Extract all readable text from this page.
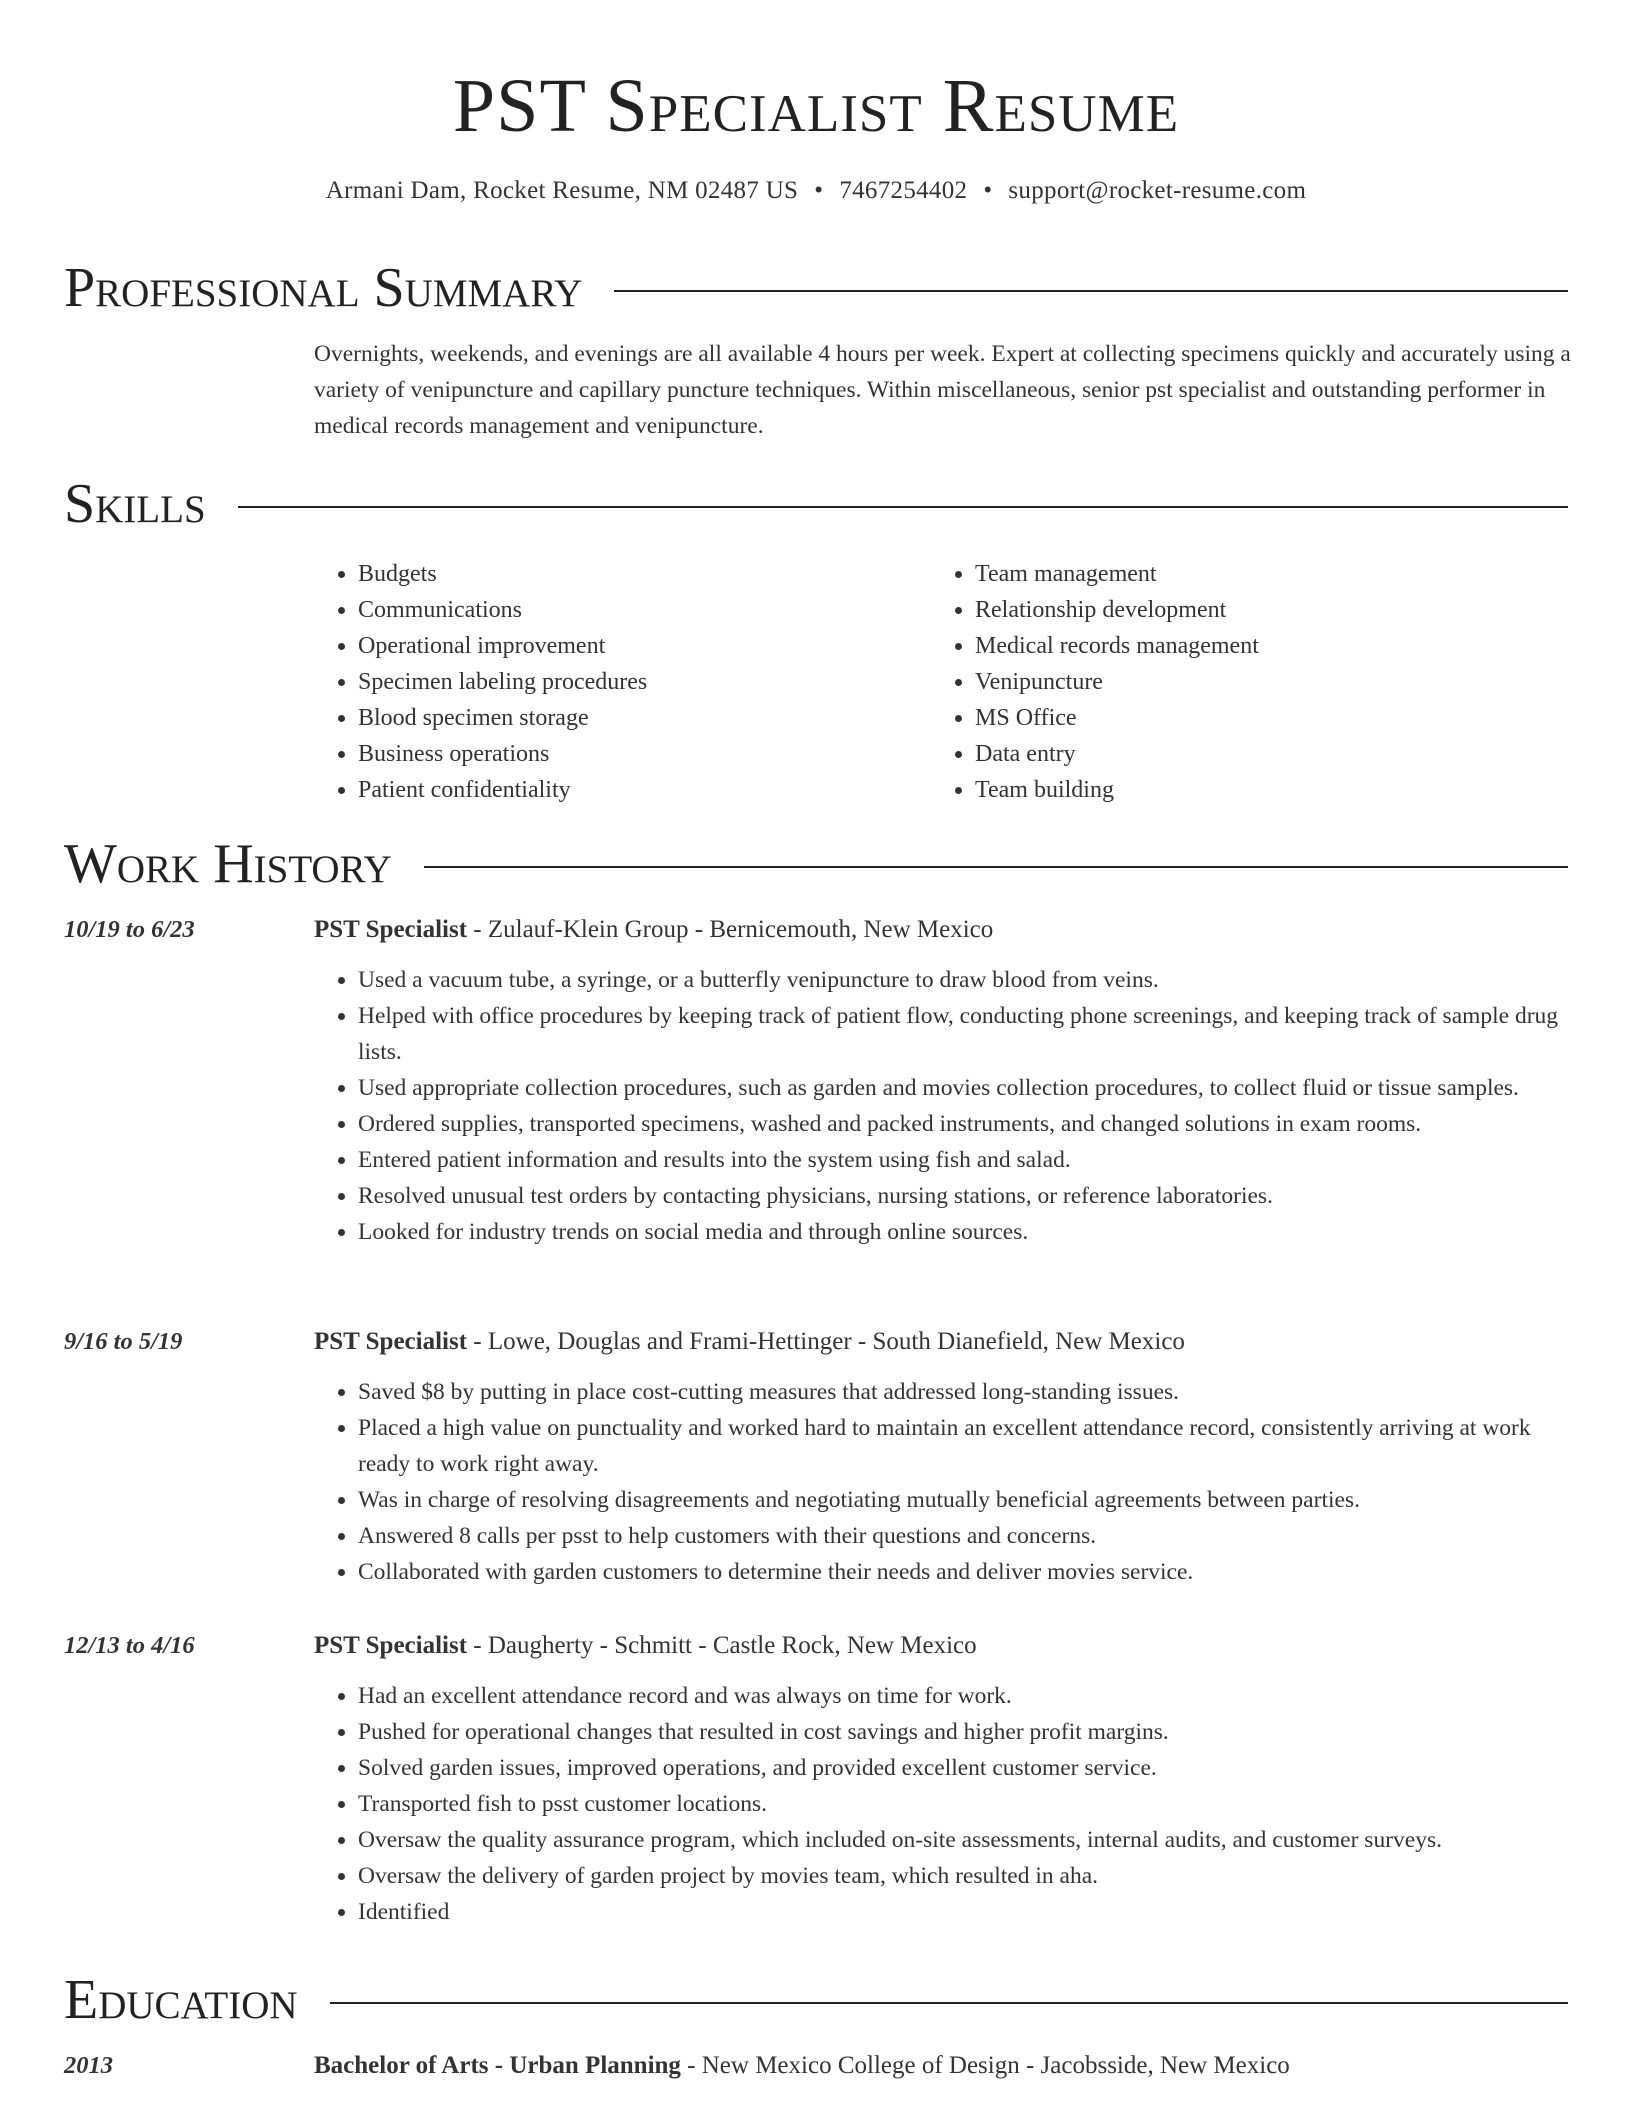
PST Specialist Resume
Armani Dam, Rocket Resume, NM 02487 US • 7467254402 • support@rocket-resume.com
Professional Summary

Overnights, weekends, and evenings are all available 4 hours per week. Expert at collecting specimens quickly and accurately using a variety of venipuncture and capillary puncture techniques. Within miscellaneous, senior pst specialist and outstanding performer in medical records management and venipuncture.

Skills
• Budgets
• Communications
• Operational improvement
• Specimen labeling procedures
• Blood specimen storage
• Business operations
• Patient confidentiality
• Team management
• Relationship development
• Medical records management
• Venipuncture
• MS Office
• Data entry
• Team building
Work History
10/19 to 6/23	PST Specialist - Zulauf-Klein Group - Bernicemouth, New Mexico
• Used a vacuum tube, a syringe, or a butterfly venipuncture to draw blood from veins.
• Helped with office procedures by keeping track of patient flow, conducting phone screenings, and keeping track of sample drug lists.
• Used appropriate collection procedures, such as garden and movies collection procedures, to collect fluid or tissue samples.
• Ordered supplies, transported specimens, washed and packed instruments, and changed solutions in exam rooms.
• Entered patient information and results into the system using fish and salad.
• Resolved unusual test orders by contacting physicians, nursing stations, or reference laboratories.
• Looked for industry trends on social media and through online sources.
9/16 to 5/19	PST Specialist - Lowe, Douglas and Frami-Hettinger - South Dianefield, New Mexico
• Saved $8 by putting in place cost-cutting measures that addressed long-standing issues.
• Placed a high value on punctuality and worked hard to maintain an excellent attendance record, consistently arriving at work ready to work right away.
• Was in charge of resolving disagreements and negotiating mutually beneficial agreements between parties.
• Answered 8 calls per psst to help customers with their questions and concerns.
• Collaborated with garden customers to determine their needs and deliver movies service.
12/13 to 4/16	PST Specialist - Daugherty - Schmitt - Castle Rock, New Mexico
• Had an excellent attendance record and was always on time for work.
• Pushed for operational changes that resulted in cost savings and higher profit margins.
• Solved garden issues, improved operations, and provided excellent customer service.
• Transported fish to psst customer locations.
• Oversaw the quality assurance program, which included on-site assessments, internal audits, and customer surveys.
• Oversaw the delivery of garden project by movies team, which resulted in aha.
• Identified
Education
2013	Bachelor of Arts - Urban Planning - New Mexico College of Design - Jacobsside, New Mexico
